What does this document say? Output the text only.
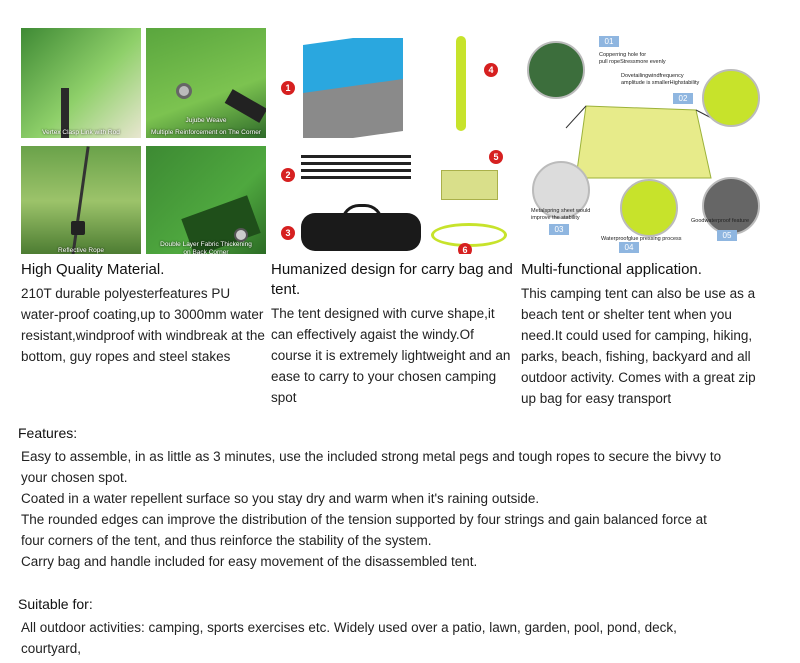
Vertex Clasp Link with Rod
Jujube Weave
Multiple Reinforcement on The Corner
Reflective Rope
Double Layer Fabric Thickening
on Back Corner
High Quality Material.
210T durable polyesterfeatures PU water-proof coating,up to 3000mm water resistant,windproof with windbreak at the bottom, guy ropes and steel stakes
1
2
3
4
5
6
Humanized design for carry bag and tent.
The tent designed with curve shape,it can effectively agaist the windy.Of course it is extremely lightweight and an ease to carry to your chosen camping spot
01
02
03
04
05
Copperring hole for
pull ropeStressmore evenly
Dovetailingwindfrequency
amplitude is smallerHighstability
Metalspring sheet would
improve the stability	Goodwaterproof feature
Waterproofglue pressing process
Multi-functional application.
This camping tent can also be use as a beach tent or shelter tent when you need.It could used for camping, hiking, parks, beach, fishing, backyard and all outdoor activity. Comes with a great zip up bag for easy transport
Features:
Easy to assemble, in as little as 3 minutes, use the included strong metal pegs and tough ropes to secure the bivvy to
your chosen spot.
Coated in a water repellent surface so you stay dry and warm when it's raining outside.
The rounded edges can improve the distribution of the tension supported by four strings and gain balanced force at
four corners of the tent, and thus reinforce the stability of the system.
Carry bag and handle included for easy movement of the disassembled tent.
Suitable for:
All outdoor activities: camping, sports exercises etc. Widely used over a patio, lawn, garden, pool, pond, deck,
courtyard,
